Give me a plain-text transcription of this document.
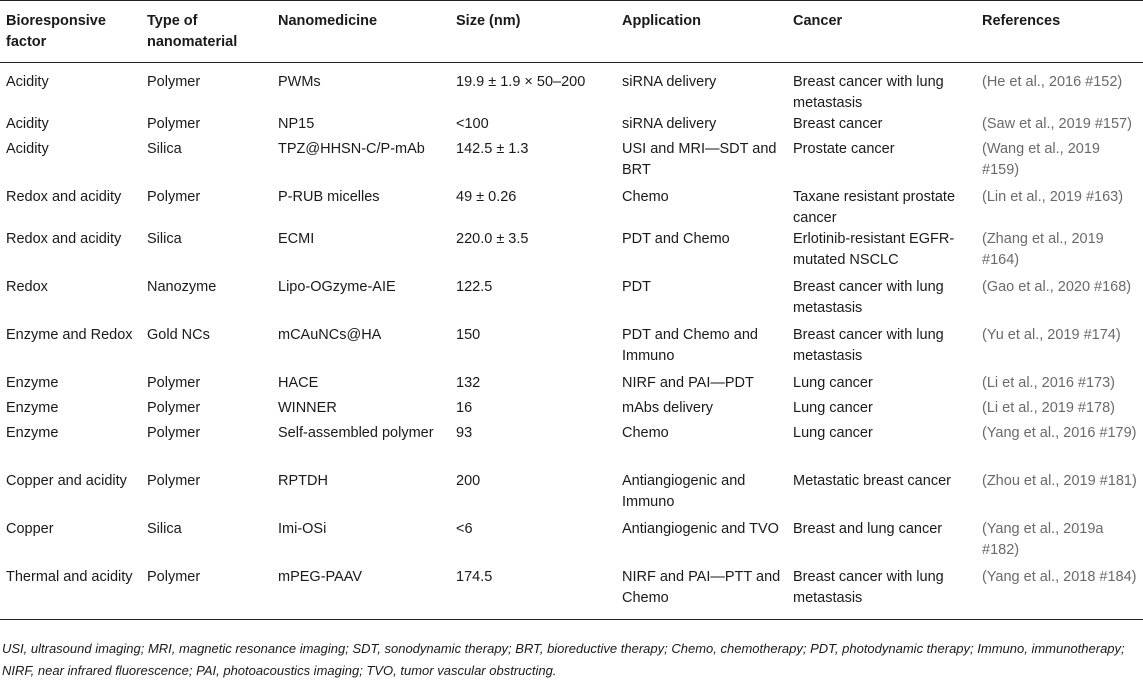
Bioresponsive factor	Type of nanomaterial	Nanomedicine	Size (nm)	Application	Cancer	References
Acidity	Polymer	PWMs	19.9 ± 1.9 × 50–200	siRNA delivery	Breast cancer with lung metastasis	(He et al., 2016 #152)
Acidity	Polymer	NP15	<100	siRNA delivery	Breast cancer	(Saw et al., 2019 #157)
Acidity	Silica	TPZ@HHSN-C/P-mAb	142.5 ± 1.3	USI and MRI—SDT and BRT	Prostate cancer	(Wang et al., 2019 #159)
Redox and acidity	Polymer	P-RUB micelles	49 ± 0.26	Chemo	Taxane resistant prostate cancer	(Lin et al., 2019 #163)
Redox and acidity	Silica	ECMI	220.0 ± 3.5	PDT and Chemo	Erlotinib-resistant EGFR-mutated NSCLC	(Zhang et al., 2019 #164)
Redox	Nanozyme	Lipo-OGzyme-AIE	122.5	PDT	Breast cancer with lung metastasis	(Gao et al., 2020 #168)
Enzyme and Redox	Gold NCs	mCAuNCs@HA	150	PDT and Chemo and Immuno	Breast cancer with lung metastasis	(Yu et al., 2019 #174)
Enzyme	Polymer	HACE	132	NIRF and PAI—PDT	Lung cancer	(Li et al., 2016 #173)
Enzyme	Polymer	WINNER	16	mAbs delivery	Lung cancer	(Li et al., 2019 #178)
Enzyme	Polymer	Self-assembled polymer	93	Chemo	Lung cancer	(Yang et al., 2016 #179)
Copper and acidity	Polymer	RPTDH	200	Antiangiogenic and Immuno	Metastatic breast cancer	(Zhou et al., 2019 #181)
Copper	Silica	Imi-OSi	<6	Antiangiogenic and TVO	Breast and lung cancer	(Yang et al., 2019a #182)
Thermal and acidity	Polymer	mPEG-PAAV	174.5	NIRF and PAI—PTT and Chemo	Breast cancer with lung metastasis	(Yang et al., 2018 #184)
USI, ultrasound imaging; MRI, magnetic resonance imaging; SDT, sonodynamic therapy; BRT, bioreductive therapy; Chemo, chemotherapy; PDT, photodynamic therapy; Immuno, immunotherapy; NIRF, near infrared fluorescence; PAI, photoacoustics imaging; TVO, tumor vascular obstructing.
